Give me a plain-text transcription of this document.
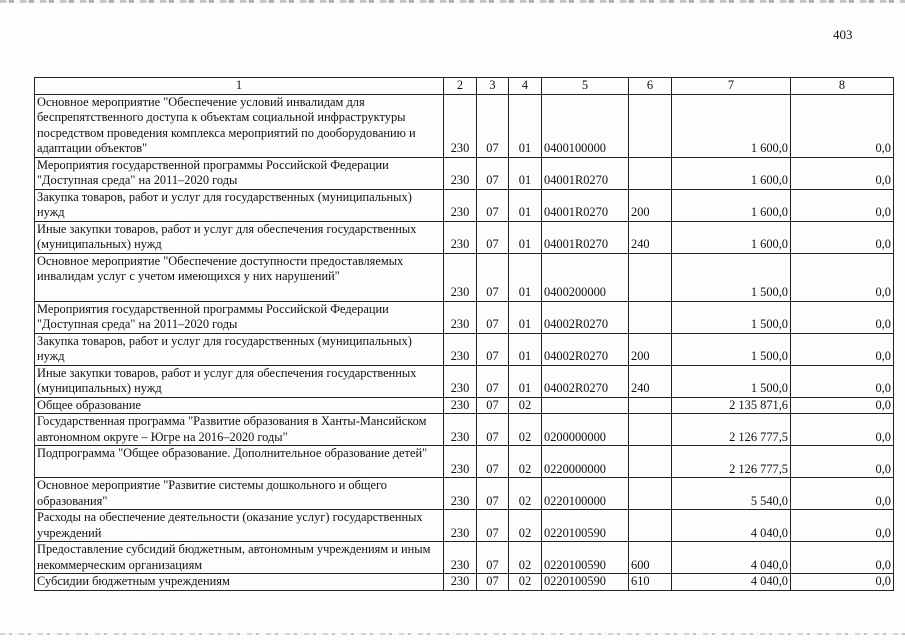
403
1	2	3	4	5	6	7	8
Основное мероприятие "Обеспечение условий инвалидам для беспрепятственного доступа к объектам социальной инфраструктуры посредством проведения комплекса мероприятий по дооборудованию и адаптации объектов"	230	07	01	0400100000		1 600,0	0,0
Мероприятия государственной программы Российской Федерации "Доступная среда" на 2011–2020 годы	230	07	01	04001R0270		1 600,0	0,0
Закупка товаров, работ и услуг для государственных (муниципальных) нужд	230	07	01	04001R0270	200	1 600,0	0,0
Иные закупки товаров, работ и услуг для обеспечения государственных (муниципальных) нужд	230	07	01	04001R0270	240	1 600,0	0,0
Основное мероприятие "Обеспечение доступности предоставляемых инвалидам услуг с учетом имеющихся у них нарушений"	230	07	01	0400200000		1 500,0	0,0
Мероприятия государственной программы Российской Федерации "Доступная среда" на 2011–2020 годы	230	07	01	04002R0270		1 500,0	0,0
Закупка товаров, работ и услуг для государственных (муниципальных) нужд	230	07	01	04002R0270	200	1 500,0	0,0
Иные закупки товаров, работ и услуг для обеспечения государственных (муниципальных) нужд	230	07	01	04002R0270	240	1 500,0	0,0
Общее образование	230	07	02			2 135 871,6	0,0
Государственная программа "Развитие образования в Ханты-Мансийском автономном округе – Югре на 2016–2020 годы"	230	07	02	0200000000		2 126 777,5	0,0
Подпрограмма "Общее образование. Дополнительное образование детей"	230	07	02	0220000000		2 126 777,5	0,0
Основное мероприятие "Развитие системы дошкольного и общего образования"	230	07	02	0220100000		5 540,0	0,0
Расходы на обеспечение деятельности (оказание услуг) государственных учреждений	230	07	02	0220100590		4 040,0	0,0
Предоставление субсидий бюджетным, автономным учреждениям и иным некоммерческим организациям	230	07	02	0220100590	600	4 040,0	0,0
Субсидии бюджетным учреждениям	230	07	02	0220100590	610	4 040,0	0,0
